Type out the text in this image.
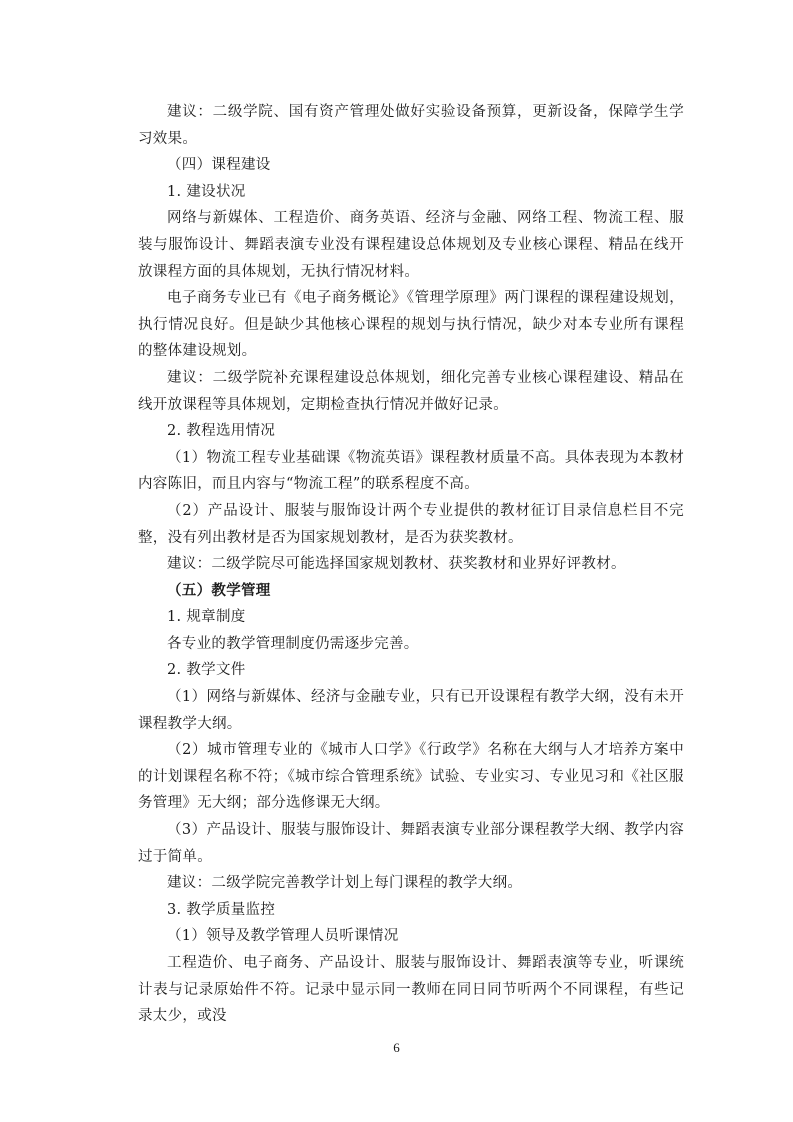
建议：二级学院、国有资产管理处做好实验设备预算，更新设备，保障学生学习效果。

（四）课程建设

1. 建设状况

网络与新媒体、工程造价、商务英语、经济与金融、网络工程、物流工程、服装与服饰设计、舞蹈表演专业没有课程建设总体规划及专业核心课程、精品在线开放课程方面的具体规划，无执行情况材料。

电子商务专业已有《电子商务概论》《管理学原理》两门课程的课程建设规划，执行情况良好。但是缺少其他核心课程的规划与执行情况，缺少对本专业所有课程的整体建设规划。

建议：二级学院补充课程建设总体规划，细化完善专业核心课程建设、精品在线开放课程等具体规划，定期检查执行情况并做好记录。

2. 教程选用情况

（1）物流工程专业基础课《物流英语》课程教材质量不高。具体表现为本教材内容陈旧，而且内容与“物流工程”的联系程度不高。

（2）产品设计、服装与服饰设计两个专业提供的教材征订目录信息栏目不完整，没有列出教材是否为国家规划教材，是否为获奖教材。

建议：二级学院尽可能选择国家规划教材、获奖教材和业界好评教材。

（五）教学管理

1. 规章制度

各专业的教学管理制度仍需逐步完善。

2. 教学文件

（1）网络与新媒体、经济与金融专业，只有已开设课程有教学大纲，没有未开课程教学大纲。

（2）城市管理专业的《城市人口学》《行政学》名称在大纲与人才培养方案中的计划课程名称不符；《城市综合管理系统》试验、专业实习、专业见习和《社区服务管理》无大纲；部分选修课无大纲。

（3）产品设计、服装与服饰设计、舞蹈表演专业部分课程教学大纲、教学内容过于简单。

建议：二级学院完善教学计划上每门课程的教学大纲。

3. 教学质量监控

（1）领导及教学管理人员听课情况

工程造价、电子商务、产品设计、服装与服饰设计、舞蹈表演等专业，听课统计表与记录原始件不符。记录中显示同一教师在同日同节听两个不同课程，有些记录太少，或没

6
